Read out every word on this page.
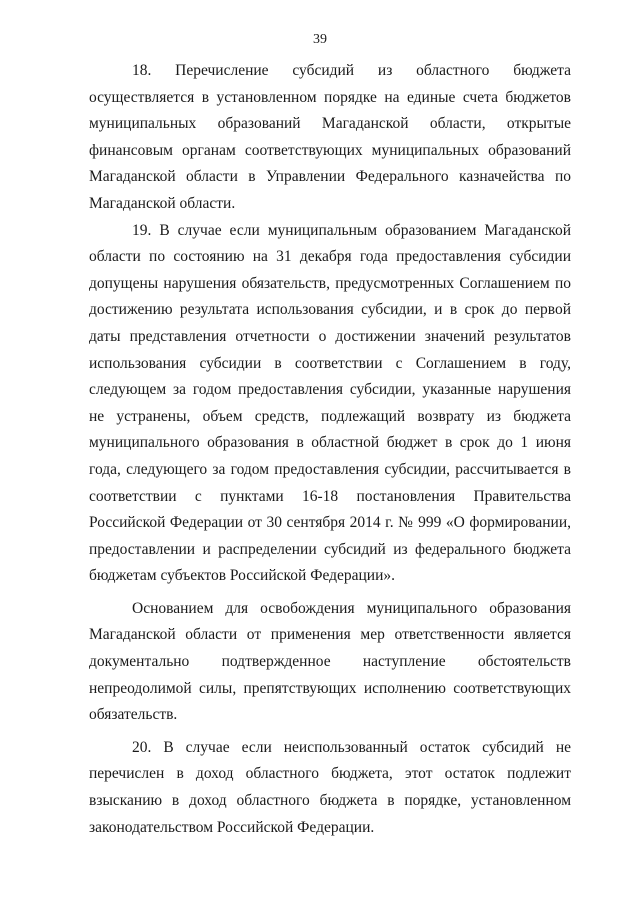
39

18. Перечисление субсидий из областного бюджета осуществляется в установленном порядке на единые счета бюджетов муниципальных образований Магаданской области, открытые финансовым органам соответствующих муниципальных образований Магаданской области в Управлении Федерального казначейства по Магаданской области.

19. В случае если муниципальным образованием Магаданской области по состоянию на 31 декабря года предоставления субсидии допущены нарушения обязательств, предусмотренных Соглашением по достижению результата использования субсидии, и в срок до первой даты представления отчетности о достижении значений результатов использования субсидии в соответствии с Соглашением в году, следующем за годом предоставления субсидии, указанные нарушения не устранены, объем средств, подлежащий возврату из бюджета муниципального образования в областной бюджет в срок до 1 июня года, следующего за годом предоставления субсидии, рассчитывается в соответствии с пунктами 16-18 постановления Правительства Российской Федерации от 30 сентября 2014 г. № 999 «О формировании, предоставлении и распределении субсидий из федерального бюджета бюджетам субъектов Российской Федерации».

Основанием для освобождения муниципального образования Магаданской области от применения мер ответственности является документально подтвержденное наступление обстоятельств непреодолимой силы, препятствующих исполнению соответствующих обязательств.

20. В случае если неиспользованный остаток субсидий не перечислен в доход областного бюджета, этот остаток подлежит взысканию в доход областного бюджета в порядке, установленном законодательством Российской Федерации.
